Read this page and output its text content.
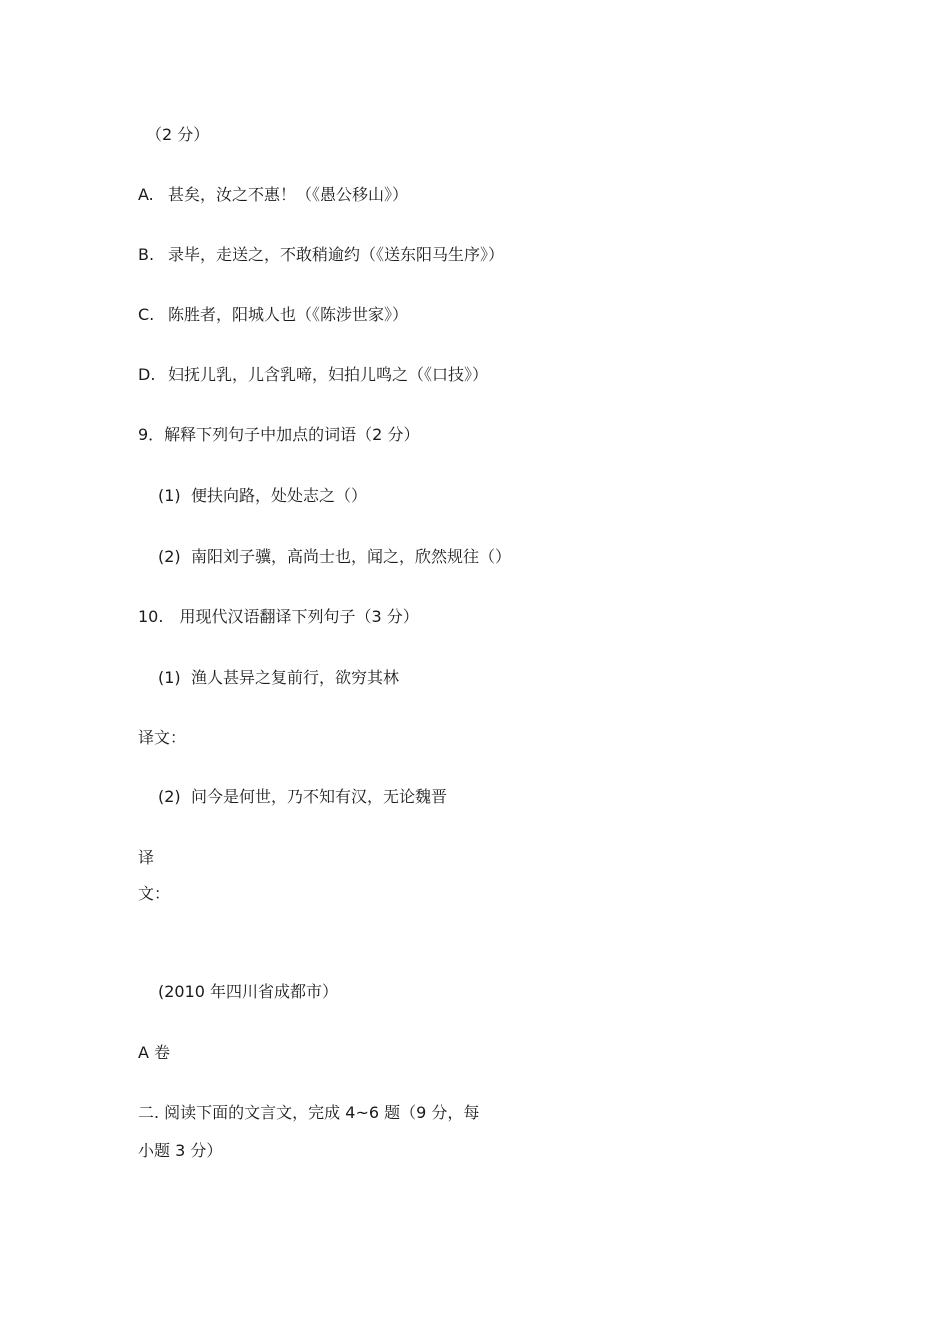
（2 分）
A. 甚矣，汝之不惠！（《愚公移山》）
B. 录毕，走送之，不敢稍逾约（《送东阳马生序》）
C. 陈胜者，阳城人也（《陈涉世家》）
D. 妇抚儿乳，儿含乳啼，妇拍儿鸣之（《口技》）
9．解释下列句子中加点的词语（2 分）
(1) 便扶向路，处处志之（）
(2) 南阳刘子骥，高尚士也，闻之，欣然规往（）
10.　用现代汉语翻译下列句子（3 分）
(1) 渔人甚异之复前行，欲穷其林
译文：
(2) 问今是何世，乃不知有汉，无论魏晋
译
文：
(2010 年四川省成都市）
A 卷
二. 阅读下面的文言文，完成 4~6 题（9 分，每
小题 3 分）
